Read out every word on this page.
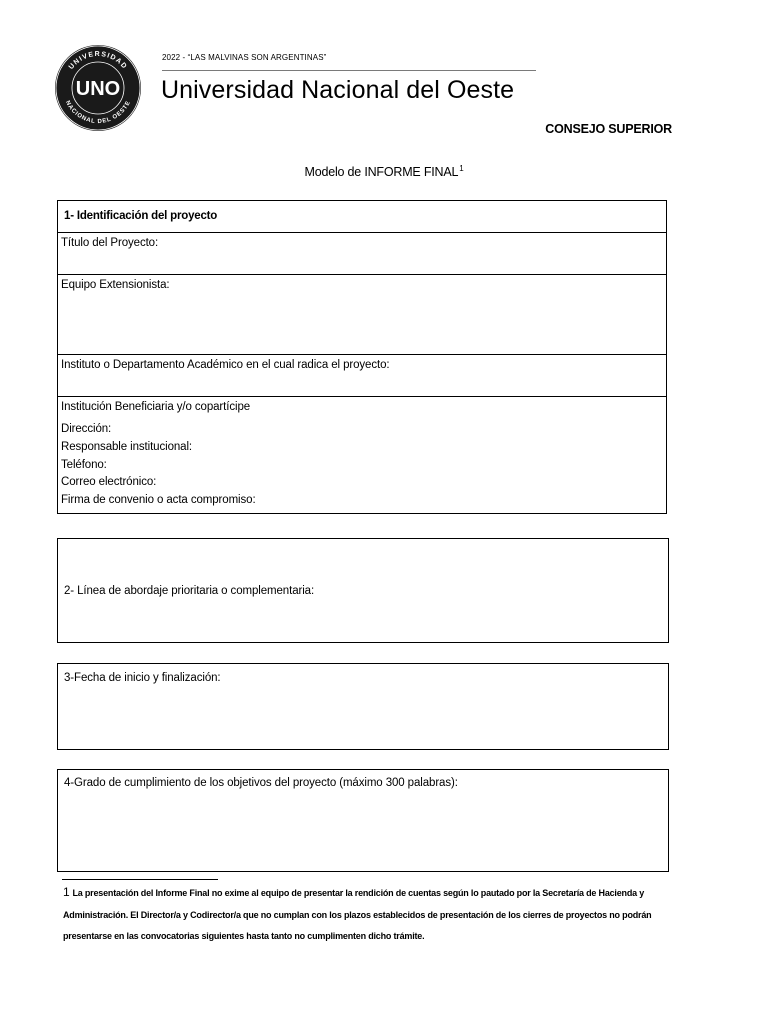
UNIVERSIDAD
NACIONAL DEL OESTE
UNO
2022 - “LAS MALVINAS SON ARGENTINAS”
Universidad Nacional del Oeste
CONSEJO SUPERIOR
Modelo de INFORME FINAL$^1$
1- Identificación del proyecto
Título del Proyecto:
Equipo Extensionista:
Instituto o Departamento Académico en el cual radica el proyecto:
Institución Beneficiaria y/o copartícipe
Dirección:
Responsable institucional:
Teléfono:
Correo electrónico:
Firma de convenio o acta compromiso:
2- Línea de abordaje prioritaria o complementaria:
3-Fecha de inicio y finalización:
4-Grado de cumplimiento de los objetivos del proyecto (máximo 300 palabras):
1 La presentación del Informe Final no exime al equipo de presentar la rendición de cuentas según lo pautado por la Secretaría de Hacienda y Administración. El Director/a y Codirector/a que no cumplan con los plazos establecidos de presentación de los cierres de proyectos no podrán presentarse en las convocatorias siguientes hasta tanto no cumplimenten dicho trámite.
